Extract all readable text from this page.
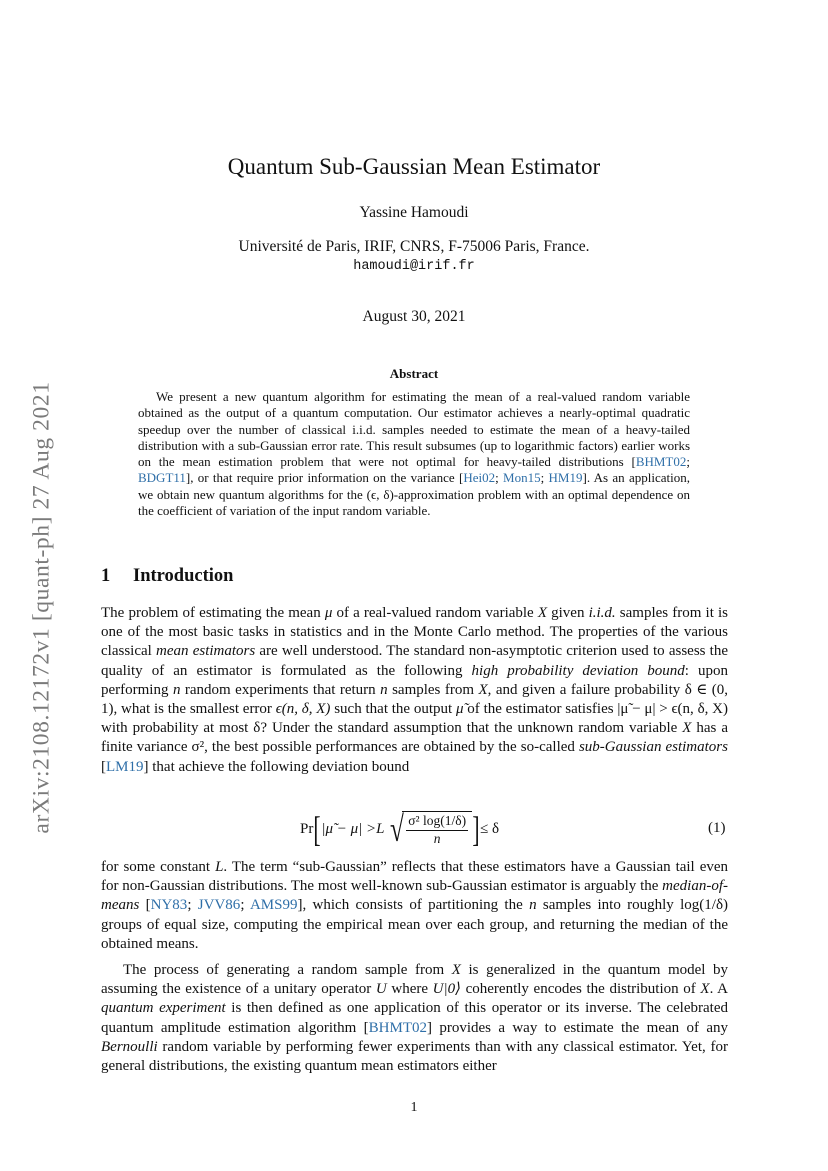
arXiv:2108.12172v1 [quant-ph] 27 Aug 2021
Quantum Sub-Gaussian Mean Estimator
Yassine Hamoudi
Université de Paris, IRIF, CNRS, F-75006 Paris, France.
hamoudi@irif.fr
August 30, 2021
Abstract
We present a new quantum algorithm for estimating the mean of a real-valued random variable obtained as the output of a quantum computation. Our estimator achieves a nearly-optimal quadratic speedup over the number of classical i.i.d. samples needed to estimate the mean of a heavy-tailed distribution with a sub-Gaussian error rate. This result subsumes (up to logarithmic factors) earlier works on the mean estimation problem that were not optimal for heavy-tailed distributions [BHMT02; BDGT11], or that require prior information on the variance [Hei02; Mon15; HM19]. As an application, we obtain new quantum algorithms for the (ϵ, δ)-approximation problem with an optimal dependence on the coefficient of variation of the input random variable.
1 Introduction
The problem of estimating the mean μ of a real-valued random variable X given i.i.d. samples from it is one of the most basic tasks in statistics and in the Monte Carlo method. The properties of the various classical mean estimators are well understood. The standard non-asymptotic criterion used to assess the quality of an estimator is formulated as the following high probability deviation bound: upon performing n random experiments that return n samples from X, and given a failure probability δ ∈ (0, 1), what is the smallest error ϵ(n, δ, X) such that the output μ̃ of the estimator satisfies |μ̃ − μ| > ϵ(n, δ, X) with probability at most δ? Under the standard assumption that the unknown random variable X has a finite variance σ², the best possible performances are obtained by the so-called sub-Gaussian estimators [LM19] that achieve the following deviation bound
Pr [ |μ̃ − μ| > L √
$\frac{\text{σ² log(1/δ)}}{n}$ ] ≤ δ	(1)
for some constant L. The term “sub-Gaussian” reflects that these estimators have a Gaussian tail even for non-Gaussian distributions. The most well-known sub-Gaussian estimator is arguably the median-of-means [NY83; JVV86; AMS99], which consists of partitioning the n samples into roughly log(1/δ) groups of equal size, computing the empirical mean over each group, and returning the median of the obtained means.
The process of generating a random sample from X is generalized in the quantum model by assuming the existence of a unitary operator U where U|0⟩ coherently encodes the distribution of X. A quantum experiment is then defined as one application of this operator or its inverse. The celebrated quantum amplitude estimation algorithm [BHMT02] provides a way to estimate the mean of any Bernoulli random variable by performing fewer experiments than with any classical estimator. Yet, for general distributions, the existing quantum mean estimators either
1
